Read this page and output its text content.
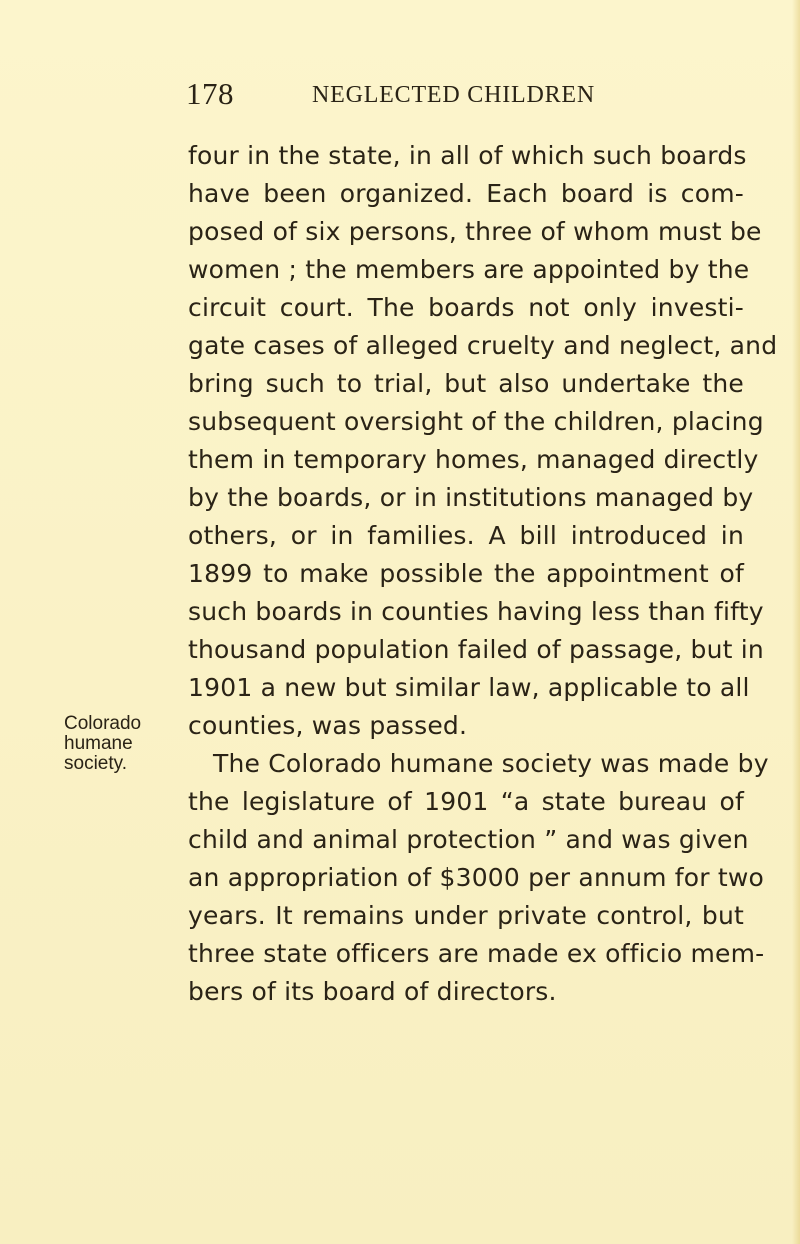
178	NEGLECTED CHILDREN
Colorado
humane
society.
four in the state, in all of which such boards
have been organized. Each board is com-
posed of six persons, three of whom must be
women ; the members are appointed by the
circuit court. The boards not only investi-
gate cases of alleged cruelty and neglect, and
bring such to trial, but also undertake the
subsequent oversight of the children, placing
them in temporary homes, managed directly
by the boards, or in institutions managed by
others, or in families. A bill introduced in
1899 to make possible the appointment of
such boards in counties having less than fifty
thousand population failed of passage, but in
1901 a new but similar law, applicable to all
counties, was passed.
The Colorado humane society was made by
the legislature of 1901 “a state bureau of
child and animal protection ” and was given
an appropriation of $3000 per annum for two
years. It remains under private control, but
three state officers are made ex officio mem-
bers of its board of directors.
